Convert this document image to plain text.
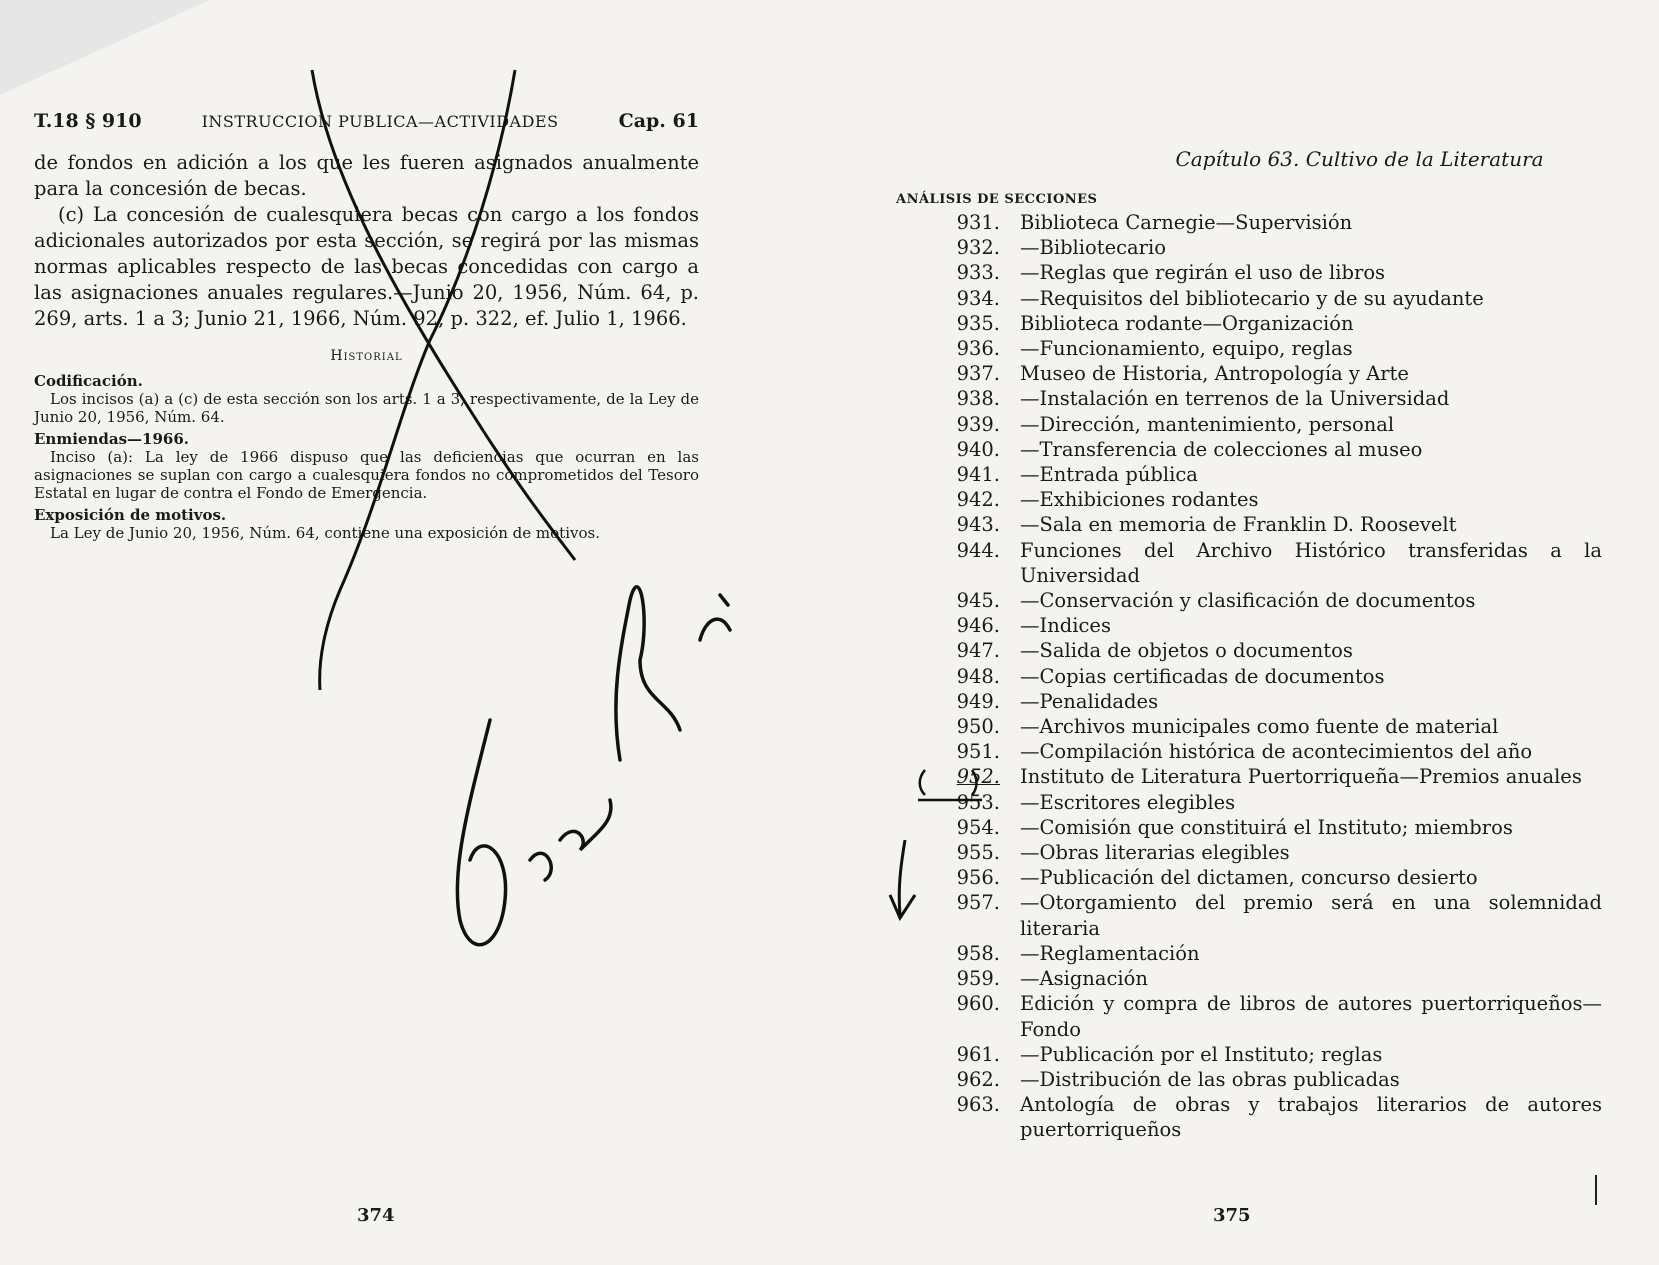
T.18 § 910	INSTRUCCION PUBLICA—ACTIVIDADES	Cap. 61

de fondos en adición a los que les fueren asignados anualmente para la concesión de becas.

(c) La concesión de cualesquiera becas con cargo a los fondos adicionales autorizados por esta sección, se regirá por las mismas normas aplicables respecto de las becas concedidas con cargo a las asignaciones anuales regulares.—Junio 20, 1956, Núm. 64, p. 269, arts. 1 a 3; Junio 21, 1966, Núm. 92, p. 322, ef. Julio 1, 1966.

Historial

Codificación.

Los incisos (a) a (c) de esta sección son los arts. 1 a 3, respectivamente, de la Ley de Junio 20, 1956, Núm. 64.

Enmiendas—1966.

Inciso (a): La ley de 1966 dispuso que las deficiencias que ocurran en las asignaciones se suplan con cargo a cualesquiera fondos no comprometidos del Tesoro Estatal en lugar de contra el Fondo de Emergencia.

Exposición de motivos.

La Ley de Junio 20, 1956, Núm. 64, contiene una exposición de motivos.

374
Capítulo 63. Cultivo de la Literatura
ANÁLISIS DE SECCIONES
931.	Biblioteca Carnegie—Supervisión
932.	—Bibliotecario
933.	—Reglas que regirán el uso de libros
934.	—Requisitos del bibliotecario y de su ayudante
935.	Biblioteca rodante—Organización
936.	—Funcionamiento, equipo, reglas
937.	Museo de Historia, Antropología y Arte
938.	—Instalación en terrenos de la Universidad
939.	—Dirección, mantenimiento, personal
940.	—Transferencia de colecciones al museo
941.	—Entrada pública
942.	—Exhibiciones rodantes
943.	—Sala en memoria de Franklin D. Roosevelt
944.	Funciones del Archivo Histórico transferidas a la Universidad
945.	—Conservación y clasificación de documentos
946.	—Indices
947.	—Salida de objetos o documentos
948.	—Copias certificadas de documentos
949.	—Penalidades
950.	—Archivos municipales como fuente de material
951.	—Compilación histórica de acontecimientos del año
952.	Instituto de Literatura Puertorriqueña—Premios anuales
953.	—Escritores elegibles
954.	—Comisión que constituirá el Instituto; miembros
955.	—Obras literarias elegibles
956.	—Publicación del dictamen, concurso desierto
957.	—Otorgamiento del premio será en una solemnidad literaria
958.	—Reglamentación
959.	—Asignación
960.	Edición y compra de libros de autores puertorriqueños—Fondo
961.	—Publicación por el Instituto; reglas
962.	—Distribución de las obras publicadas
963.	Antología de obras y trabajos literarios de autores puertorriqueños
375
